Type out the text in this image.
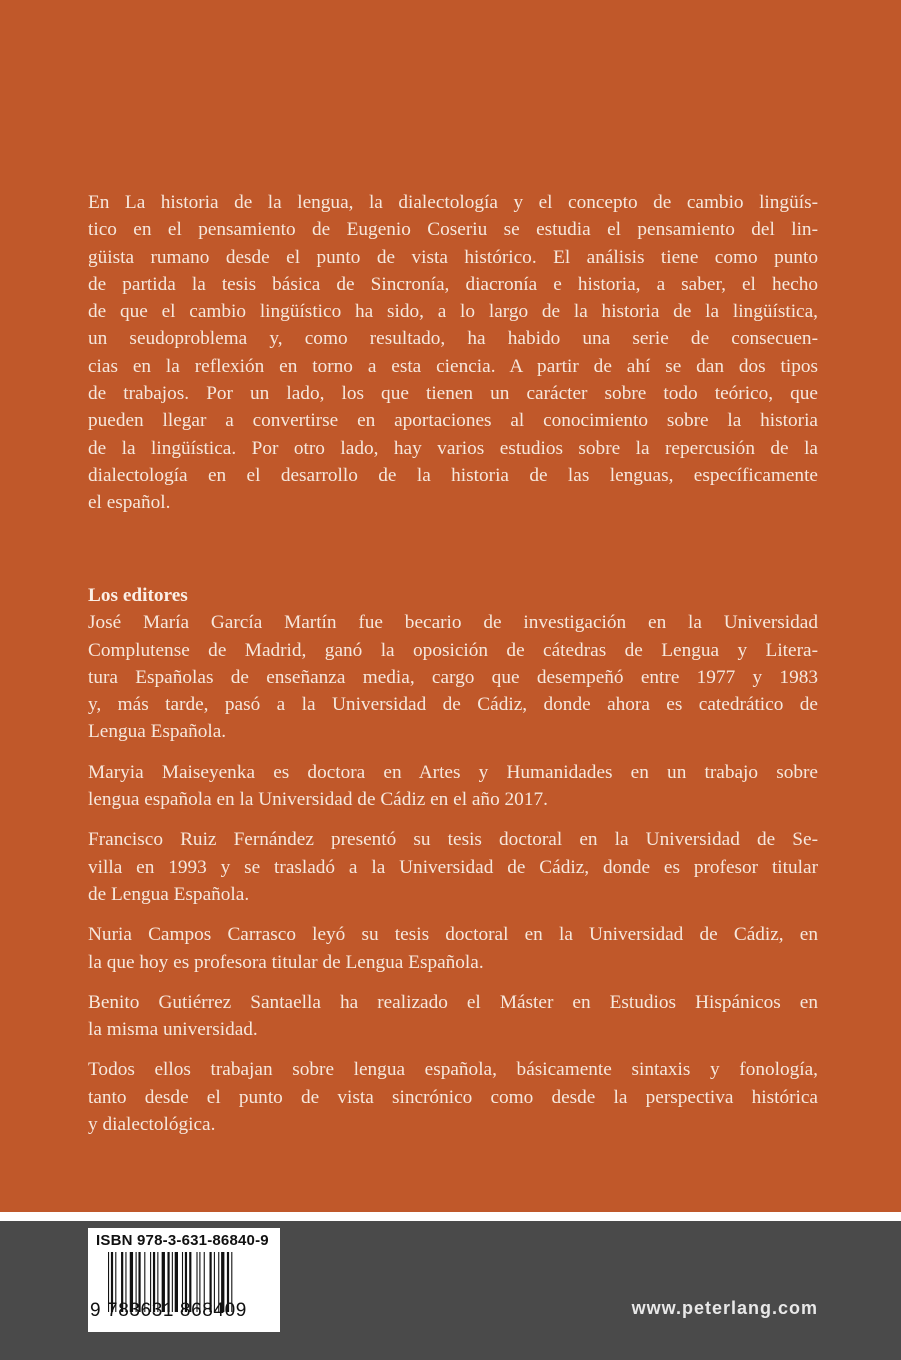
En La historia de la lengua, la dialectología y el concepto de cambio lingüís-
tico en el pensamiento de Eugenio Coseriu se estudia el pensamiento del lin-
güista rumano desde el punto de vista histórico. El análisis tiene como punto
de partida la tesis básica de Sincronía, diacronía e historia, a saber, el hecho
de que el cambio lingüístico ha sido, a lo largo de la historia de la lingüística,
un seudoproblema y, como resultado, ha habido una serie de consecuen-
cias en la reflexión en torno a esta ciencia. A partir de ahí se dan dos tipos
de trabajos. Por un lado, los que tienen un carácter sobre todo teórico, que
pueden llegar a convertirse en aportaciones al conocimiento sobre la historia
de la lingüística. Por otro lado, hay varios estudios sobre la repercusión de la
dialectología en el desarrollo de la historia de las lenguas, específicamente
el español.
Los editores

José María García Martín fue becario de investigación en la Universidad
Complutense de Madrid, ganó la oposición de cátedras de Lengua y Litera-
tura Españolas de enseñanza media, cargo que desempeñó entre 1977 y 1983
y, más tarde, pasó a la Universidad de Cádiz, donde ahora es catedrático de
Lengua Española.

Maryia Maiseyenka es doctora en Artes y Humanidades en un trabajo sobre
lengua española en la Universidad de Cádiz en el año 2017.

Francisco Ruiz Fernández presentó su tesis doctoral en la Universidad de Se-
villa en 1993 y se trasladó a la Universidad de Cádiz, donde es profesor titular
de Lengua Española.

Nuria Campos Carrasco leyó su tesis doctoral en la Universidad de Cádiz, en
la que hoy es profesora titular de Lengua Española.

Benito Gutiérrez Santaella ha realizado el Máster en Estudios Hispánicos en
la misma universidad.

Todos ellos trabajan sobre lengua española, básicamente sintaxis y fonología,
tanto desde el punto de vista sincrónico como desde la perspectiva histórica
y dialectológica.

ISBN 978-3-631-86840-9
9 783631 868409	www.peterlang.com
